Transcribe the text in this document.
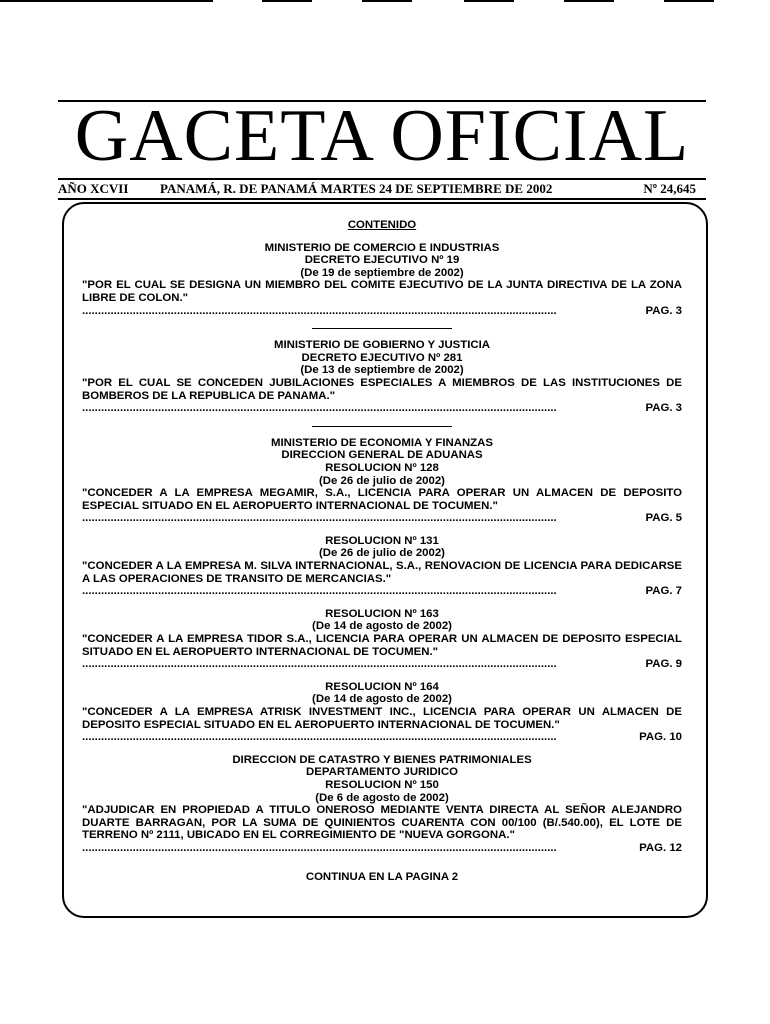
GACETA OFICIAL
AÑO XCVII PANAMÁ, R. DE PANAMÁ MARTES 24 DE SEPTIEMBRE DE 2002	Nº 24,645
CONTENIDO
MINISTERIO DE COMERCIO E INDUSTRIAS
DECRETO EJECUTIVO Nº 19
(De 19 de septiembre de 2002)
"POR EL CUAL SE DESIGNA UN MIEMBRO DEL COMITE EJECUTIVO DE LA JUNTA DIRECTIVA DE LA ZONA LIBRE DE COLON."
......................................................................................................................................................	PAG. 3
MINISTERIO DE GOBIERNO Y JUSTICIA
DECRETO EJECUTIVO Nº 281
(De 13 de septiembre de 2002)
"POR EL CUAL SE CONCEDEN JUBILACIONES ESPECIALES A MIEMBROS DE LAS INSTITUCIONES DE BOMBEROS DE LA REPUBLICA DE PANAMA."
......................................................................................................................................................	PAG. 3
MINISTERIO DE ECONOMIA Y FINANZAS
DIRECCION GENERAL DE ADUANAS
RESOLUCION Nº 128
(De 26 de julio de 2002)
"CONCEDER A LA EMPRESA MEGAMIR, S.A., LICENCIA PARA OPERAR UN ALMACEN DE DEPOSITO ESPECIAL SITUADO EN EL AEROPUERTO INTERNACIONAL DE TOCUMEN."
......................................................................................................................................................	PAG. 5
RESOLUCION Nº 131
(De 26 de julio de 2002)
"CONCEDER A LA EMPRESA M. SILVA INTERNACIONAL, S.A., RENOVACION DE LICENCIA PARA DEDICARSE A LAS OPERACIONES DE TRANSITO DE MERCANCIAS."
......................................................................................................................................................	PAG. 7
RESOLUCION Nº 163
(De 14 de agosto de 2002)
"CONCEDER A LA EMPRESA TIDOR S.A., LICENCIA PARA OPERAR UN ALMACEN DE DEPOSITO ESPECIAL SITUADO EN EL AEROPUERTO INTERNACIONAL DE TOCUMEN."
......................................................................................................................................................	PAG. 9
RESOLUCION Nº 164
(De 14 de agosto de 2002)
"CONCEDER A LA EMPRESA ATRISK INVESTMENT INC., LICENCIA PARA OPERAR UN ALMACEN DE DEPOSITO ESPECIAL SITUADO EN EL AEROPUERTO INTERNACIONAL DE TOCUMEN."
......................................................................................................................................................	PAG. 10
DIRECCION DE CATASTRO Y BIENES PATRIMONIALES
DEPARTAMENTO JURIDICO
RESOLUCION Nº 150
(De 6 de agosto de 2002)
"ADJUDICAR EN PROPIEDAD A TITULO ONEROSO MEDIANTE VENTA DIRECTA AL SEÑOR ALEJANDRO DUARTE BARRAGAN, POR LA SUMA DE QUINIENTOS CUARENTA CON 00/100 (B/.540.00), EL LOTE DE TERRENO Nº 2111, UBICADO EN EL CORREGIMIENTO DE "NUEVA GORGONA."
......................................................................................................................................................	PAG. 12
CONTINUA EN LA PAGINA 2
